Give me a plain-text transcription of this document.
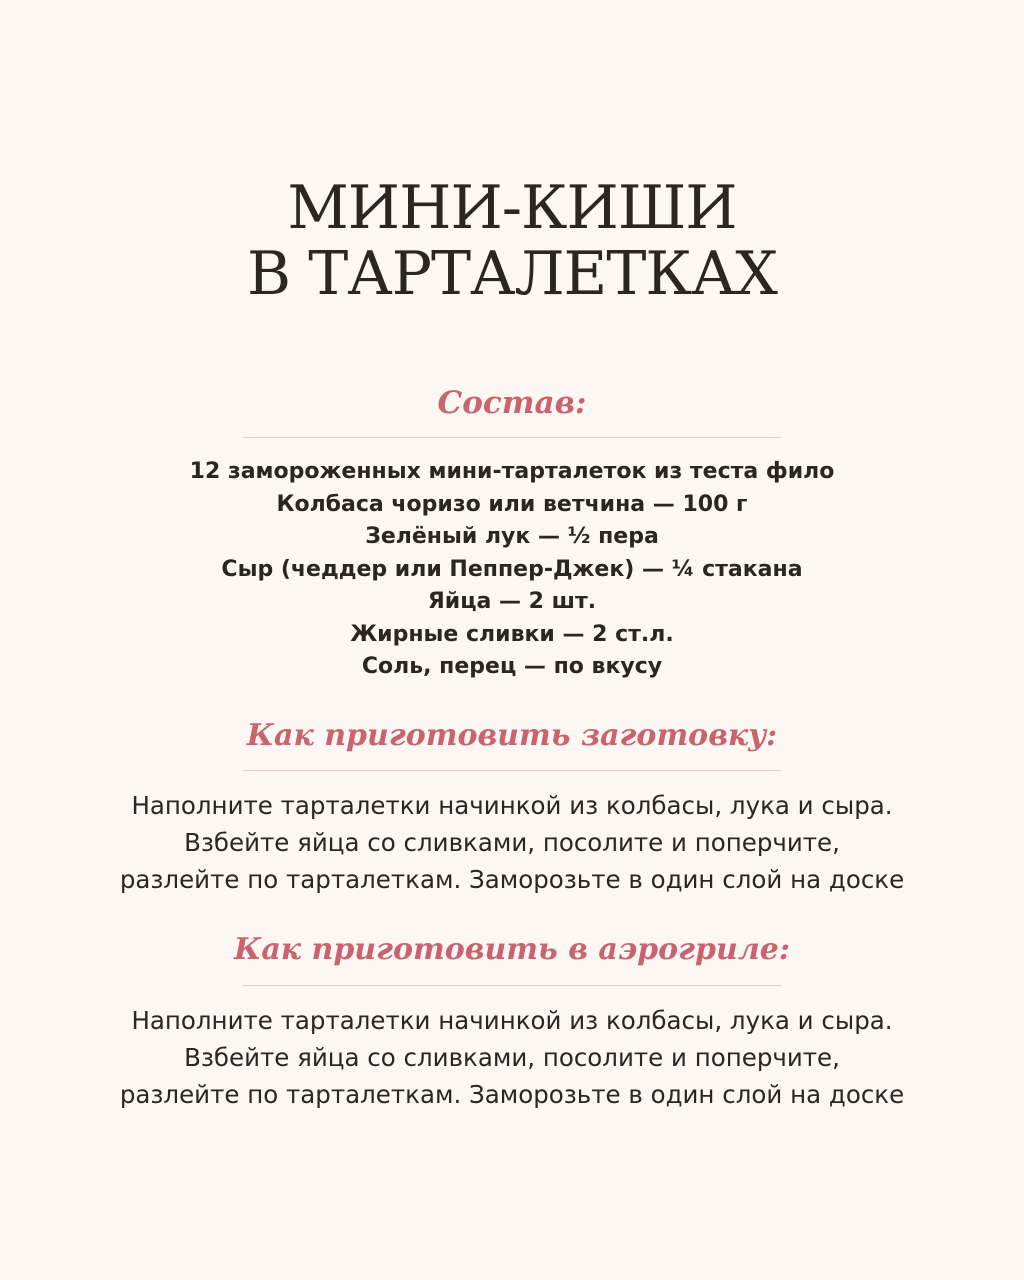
МИНИ-КИШИ
В ТАРТАЛЕТКАХ
Состав:
12 замороженных мини-тарталеток из теста фило
Колбаса чоризо или ветчина — 100 г
Зелёный лук — ½ пера
Сыр (чеддер или Пеппер-Джек) — ¼ стакана
Яйца — 2 шт.
Жирные сливки — 2 ст.л.
Соль, перец — по вкусу
Как приготовить заготовку:

Наполните тарталетки начинкой из колбасы, лука и сыра.
Взбейте яйца со сливками, посолите и поперчите,
разлейте по тарталеткам. Заморозьте в один слой на доске

Как приготовить в аэрогриле:

Наполните тарталетки начинкой из колбасы, лука и сыра.
Взбейте яйца со сливками, посолите и поперчите,
разлейте по тарталеткам. Заморозьте в один слой на доске
